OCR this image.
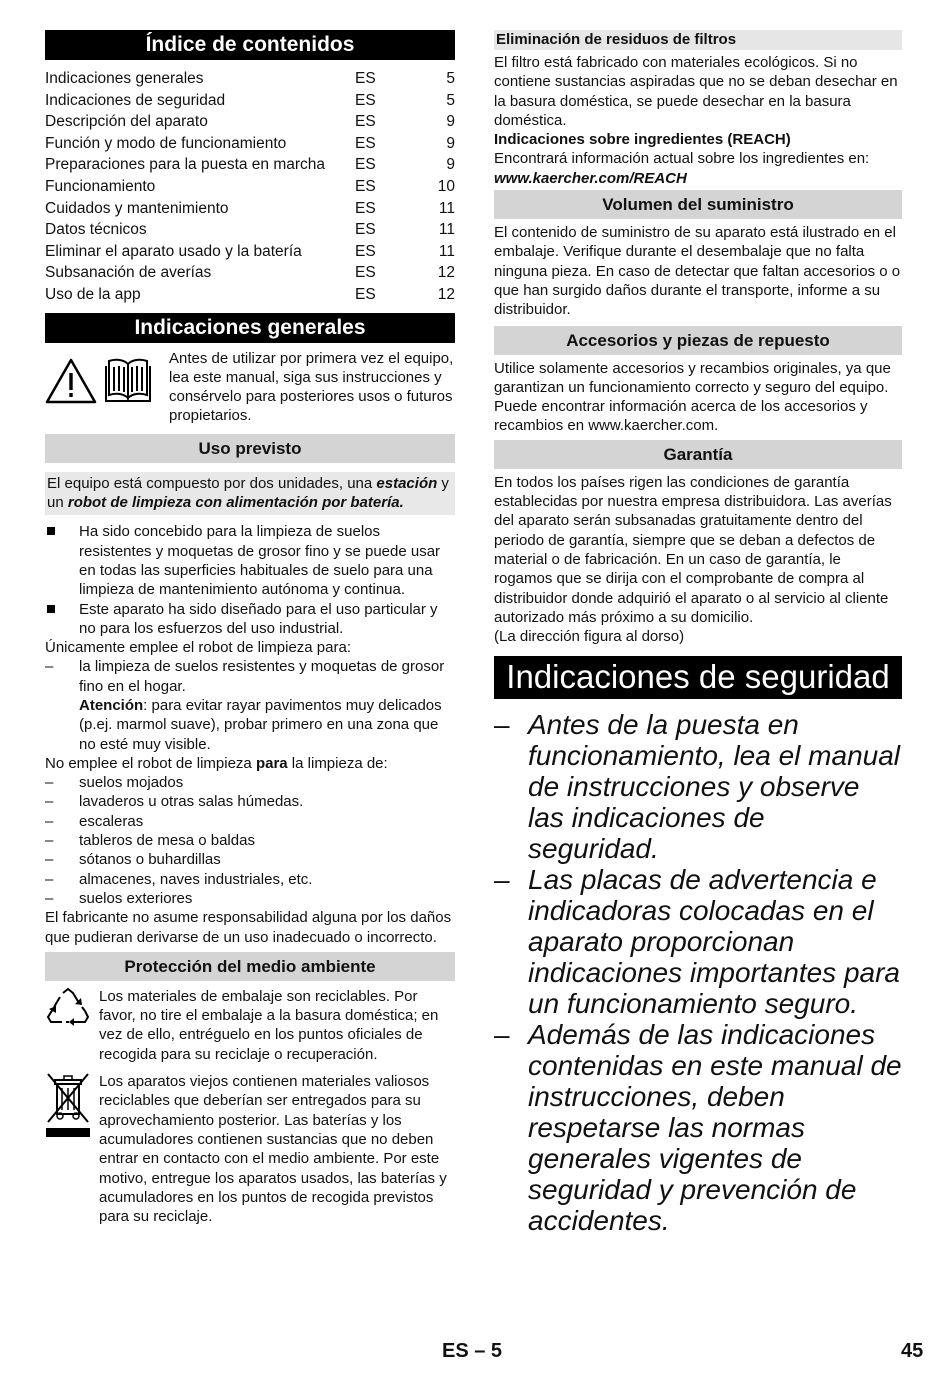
Índice de contenidos
Indicaciones generales	ES	5
Indicaciones de seguridad	ES	5
Descripción del aparato	ES	9
Función y modo de funcionamiento	ES	9
Preparaciones para la puesta en marcha	ES	9
Funcionamiento	ES	10
Cuidados y mantenimiento	ES	11
Datos técnicos	ES	11
Eliminar el aparato usado y la batería	ES	11
Subsanación de averías	ES	12
Uso de la app	ES	12
Indicaciones generales

Antes de utilizar por primera vez el equipo, lea este manual, siga sus instrucciones y consérvelo para posteriores usos o futuros propietarios.

Uso previsto

El equipo está compuesto por dos unidades, una estación y un robot de limpieza con alimentación por batería.

Ha sido concebido para la limpieza de suelos resistentes y moquetas de grosor fino y se puede usar en todas las superficies habituales de suelo para una limpieza de mantenimiento autónoma y continua.
Este aparato ha sido diseñado para el uso particular y no para los esfuerzos del uso industrial.

Únicamente emplee el robot de limpieza para:

– la limpieza de suelos resistentes y moquetas de grosor fino en el hogar.
Atención: para evitar rayar pavimentos muy delicados (p.ej. marmol suave), probar primero en una zona que no esté muy visible.

No emplee el robot de limpieza para la limpieza de:

– suelos mojados
– lavaderos u otras salas húmedas.
– escaleras
– tableros de mesa o baldas
– sótanos o buhardillas
– almacenes, naves industriales, etc.
– suelos exteriores

El fabricante no asume responsabilidad alguna por los daños que pudieran derivarse de un uso inadecuado o incorrecto.

Protección del medio ambiente

Los materiales de embalaje son reciclables. Por favor, no tire el embalaje a la basura doméstica; en vez de ello, entréguelo en los puntos oficiales de recogida para su reciclaje o recuperación.

Los aparatos viejos contienen materiales valiosos reciclables que deberían ser entregados para su aprovechamiento posterior. Las baterías y los acumuladores contienen sustancias que no deben entrar en contacto con el medio ambiente. Por este motivo, entregue los aparatos usados, las baterías y acumuladores en los puntos de recogida previstos para su reciclaje.

Eliminación de residuos de filtros

El filtro está fabricado con materiales ecológicos. Si no contiene sustancias aspiradas que no se deban desechar en la basura doméstica, se puede desechar en la basura doméstica.

Indicaciones sobre ingredientes (REACH)

Encontrará información actual sobre los ingredientes en:

www.kaercher.com/REACH

Volumen del suministro

El contenido de suministro de su aparato está ilustrado en el embalaje. Verifique durante el desembalaje que no falta ninguna pieza. En caso de detectar que faltan accesorios o o que han surgido daños durante el transporte, informe a su distribuidor.

Accesorios y piezas de repuesto

Utilice solamente accesorios y recambios originales, ya que garantizan un funcionamiento correcto y seguro del equipo. Puede encontrar información acerca de los accesorios y recambios en www.kaercher.com.

Garantía

En todos los países rigen las condiciones de garantía establecidas por nuestra empresa distribuidora. Las averías del aparato serán subsanadas gratuitamente dentro del periodo de garantía, siempre que se deban a defectos de material o de fabricación. En un caso de garantía, le rogamos que se dirija con el comprobante de compra al distribuidor donde adquirió el aparato o al servicio al cliente autorizado más próximo a su domicilio.

(La dirección figura al dorso)

Indicaciones de seguridad
– Antes de la puesta en funcionamiento, lea el manual de instrucciones y observe las indicaciones de seguridad.
– Las placas de advertencia e indicadoras colocadas en el aparato proporcionan indicaciones importantes para un funcionamiento seguro.
– Además de las indicaciones contenidas en este manual de instrucciones, deben respetarse las normas generales vigentes de seguridad y prevención de accidentes.
ES – 5	45
